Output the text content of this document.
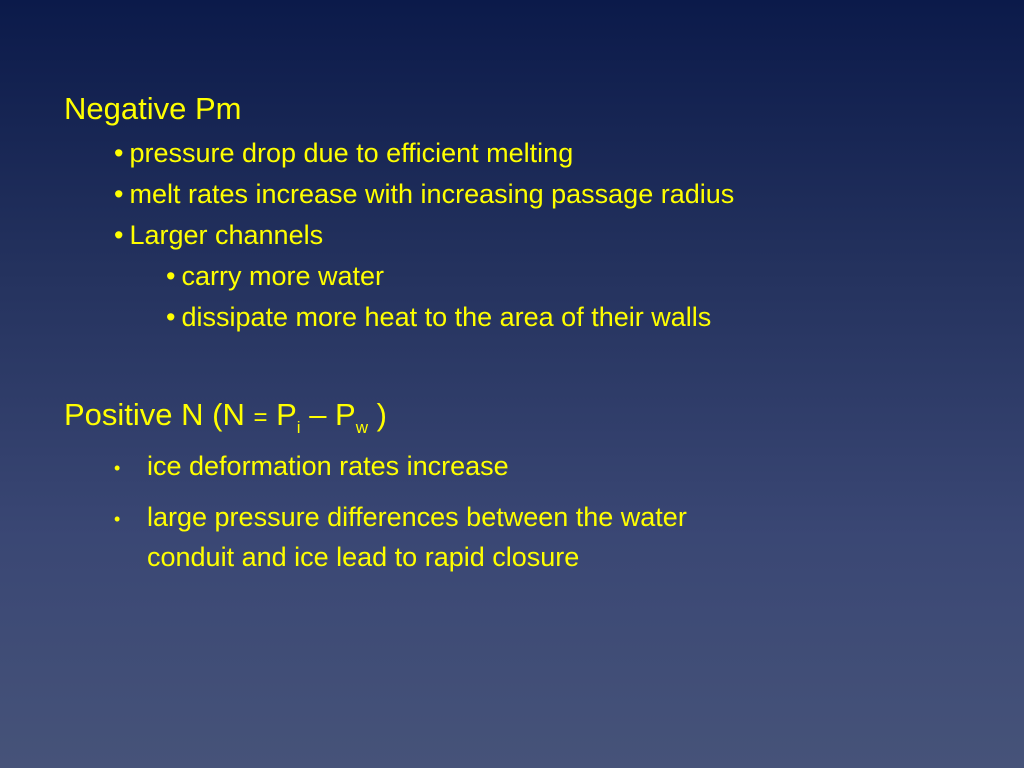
Negative Pm
• pressure drop due to efficient melting
• melt rates increase with increasing passage radius
• Larger channels
• carry more water
• dissipate more heat to the area of their walls
Positive N ($N = P_i - P_w$ )
• ice deformation rates increase
• large pressure differences between the water
conduit and ice lead to rapid closure
